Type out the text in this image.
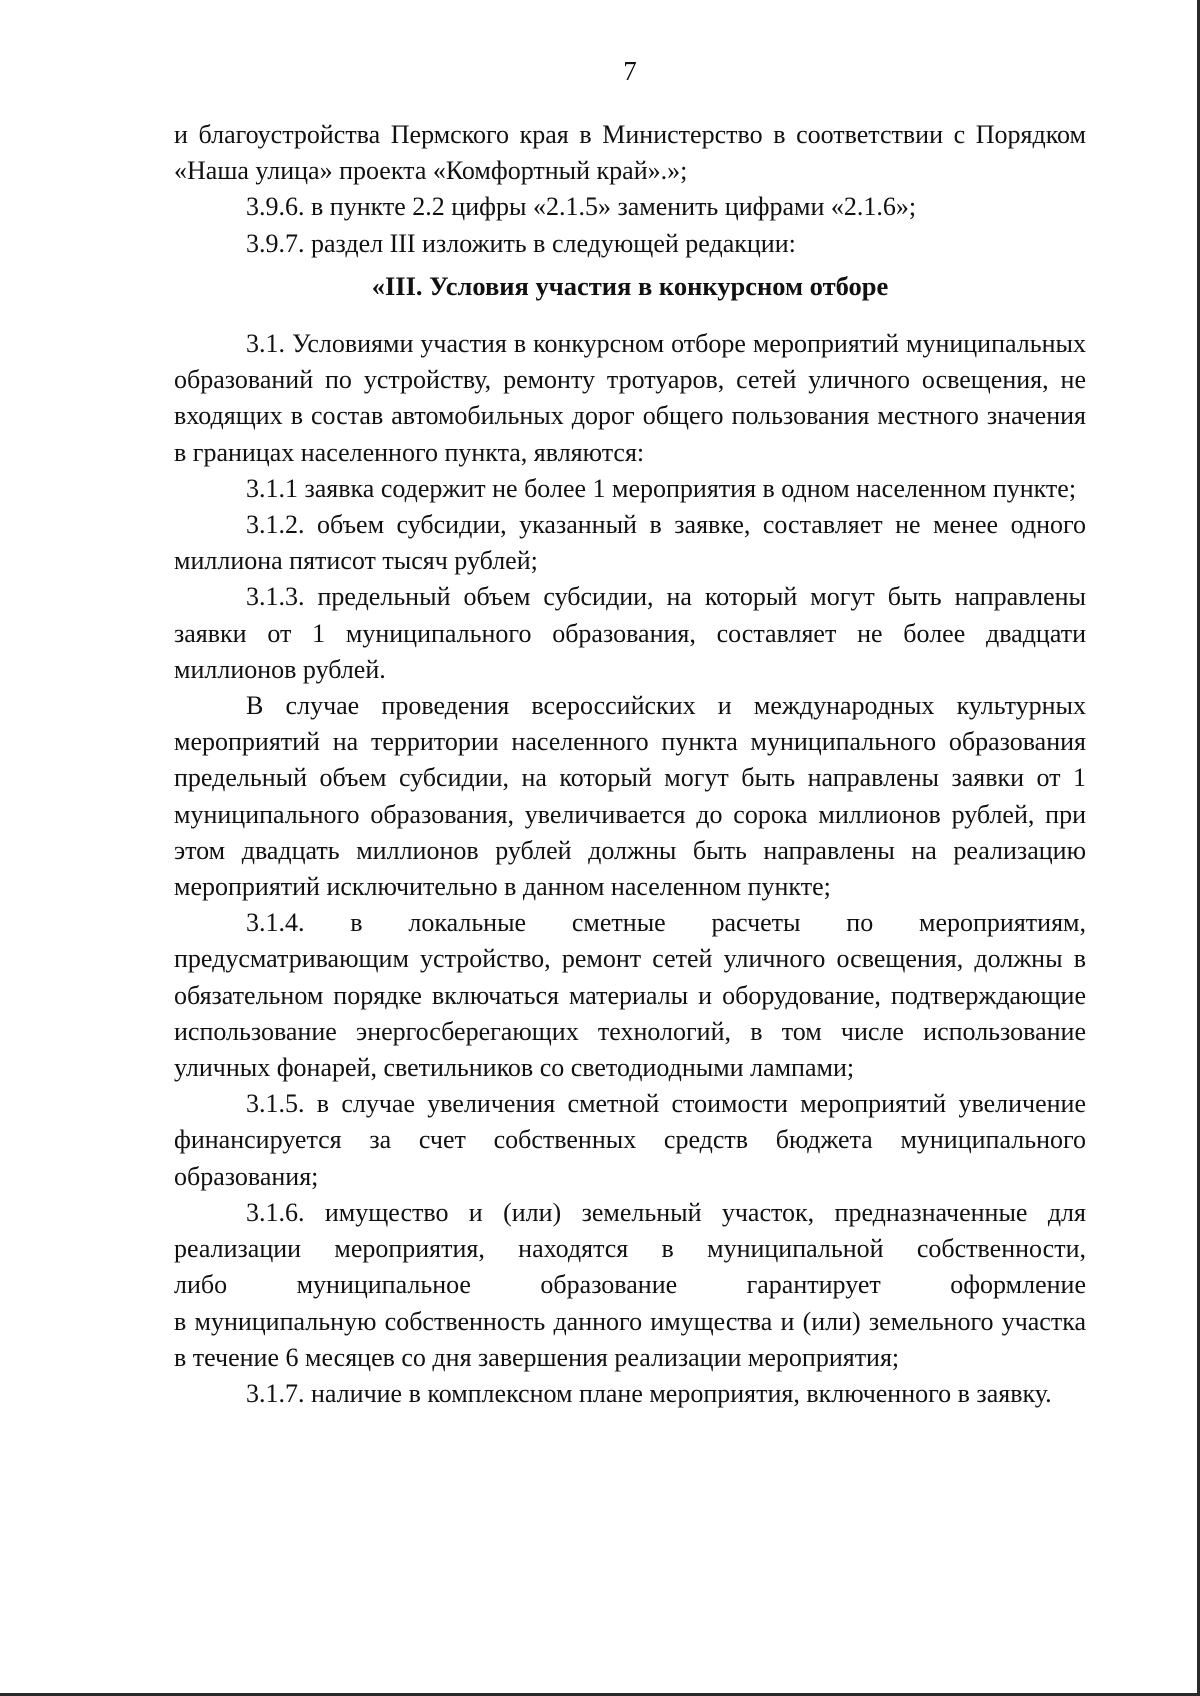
7

и благоустройства Пермского края в Министерство в соответствии с Порядком «Наша улица» проекта «Комфортный край».»;

3.9.6. в пункте 2.2 цифры «2.1.5» заменить цифрами «2.1.6»;

3.9.7. раздел III изложить в следующей редакции:

«III. Условия участия в конкурсном отборе

3.1. Условиями участия в конкурсном отборе мероприятий муниципальных образований по устройству, ремонту тротуаров, сетей уличного освещения, не входящих в состав автомобильных дорог общего пользования местного значения в границах населенного пункта, являются:

3.1.1 заявка содержит не более 1 мероприятия в одном населенном пункте;

3.1.2. объем субсидии, указанный в заявке, составляет не менее одного миллиона пятисот тысяч рублей;

3.1.3. предельный объем субсидии, на который могут быть направлены заявки от 1 муниципального образования, составляет не более двадцати миллионов рублей.

В случае проведения всероссийских и международных культурных мероприятий на территории населенного пункта муниципального образования предельный объем субсидии, на который могут быть направлены заявки от 1 муниципального образования, увеличивается до сорока миллионов рублей, при этом двадцать миллионов рублей должны быть направлены на реализацию мероприятий исключительно в данном населенном пункте;

3.1.4. в локальные сметные расчеты по мероприятиям, предусматривающим устройство, ремонт сетей уличного освещения, должны в обязательном порядке включаться материалы и оборудование, подтверждающие использование энергосберегающих технологий, в том числе использование уличных фонарей, светильников со светодиодными лампами;

3.1.5. в случае увеличения сметной стоимости мероприятий увеличение финансируется за счет собственных средств бюджета муниципального образования;

3.1.6. имущество и (или) земельный участок, предназначенные для реализации мероприятия, находятся в муниципальной собственности,

либо муниципальное образование гарантирует оформление

в муниципальную собственность данного имущества и (или) земельного участка в течение 6 месяцев со дня завершения реализации мероприятия;

3.1.7. наличие в комплексном плане мероприятия, включенного в заявку.
